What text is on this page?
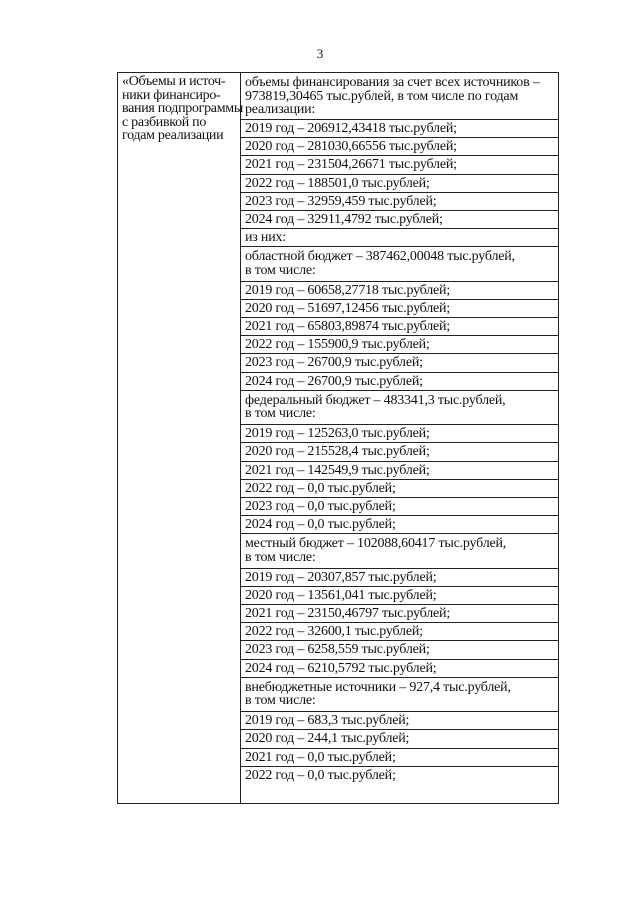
3
«Объемы и источ-
ники финансиро-
вания подпрограммы
с разбивкой по
годам реализации
объемы финансирования за счет всех источников –
973819,30465 тыс.рублей, в том числе по годам
реализации:
2019 год – 206912,43418 тыс.рублей;
2020 год – 281030,66556 тыс.рублей;
2021 год – 231504,26671 тыс.рублей;
2022 год – 188501,0 тыс.рублей;
2023 год – 32959,459 тыс.рублей;
2024 год – 32911,4792 тыс.рублей;
из них:
областной бюджет – 387462,00048 тыс.рублей,
в том числе:
2019 год – 60658,27718 тыс.рублей;
2020 год – 51697,12456 тыс.рублей;
2021 год – 65803,89874 тыс.рублей;
2022 год – 155900,9 тыс.рублей;
2023 год – 26700,9 тыс.рублей;
2024 год – 26700,9 тыс.рублей;
федеральный бюджет – 483341,3 тыс.рублей,
в том числе:
2019 год – 125263,0 тыс.рублей;
2020 год – 215528,4 тыс.рублей;
2021 год – 142549,9 тыс.рублей;
2022 год – 0,0 тыс.рублей;
2023 год – 0,0 тыс.рублей;
2024 год – 0,0 тыс.рублей;
местный бюджет – 102088,60417 тыс.рублей,
в том числе:
2019 год – 20307,857 тыс.рублей;
2020 год – 13561,041 тыс.рублей;
2021 год – 23150,46797 тыс.рублей;
2022 год – 32600,1 тыс.рублей;
2023 год – 6258,559 тыс.рублей;
2024 год – 6210,5792 тыс.рублей;
внебюджетные источники – 927,4 тыс.рублей,
в том числе:
2019 год – 683,3 тыс.рублей;
2020 год – 244,1 тыс.рублей;
2021 год – 0,0 тыс.рублей;
2022 год – 0,0 тыс.рублей;
